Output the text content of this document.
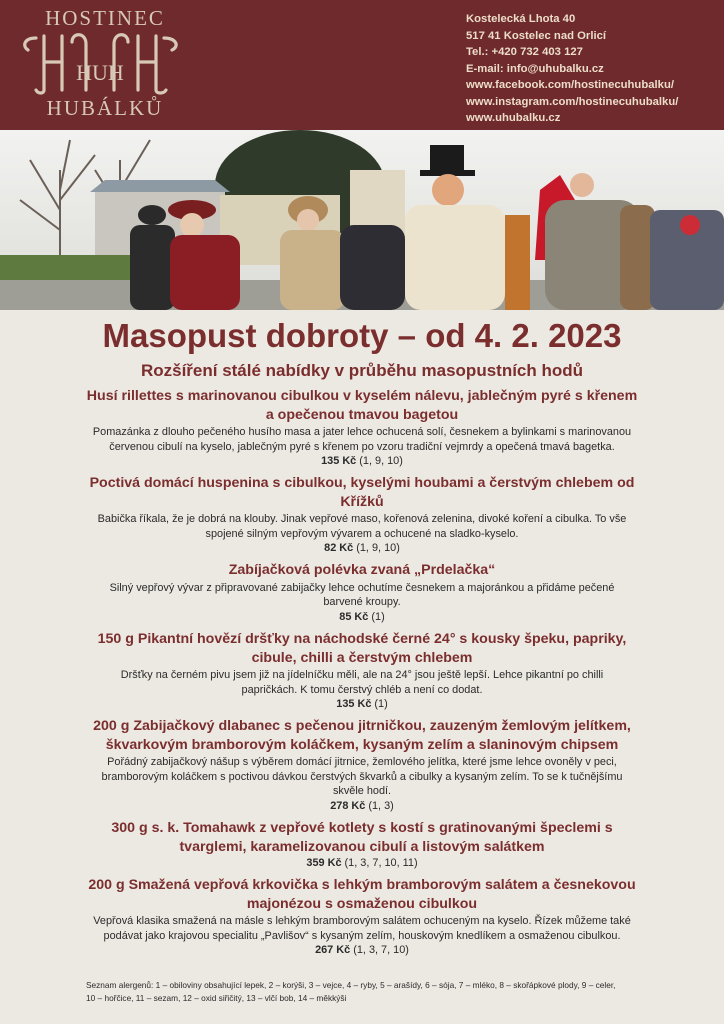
HOSTINEC
HUH
HUBÁLKŮ
Kostelecká Lhota 40
517 41 Kostelec nad Orlicí
Tel.: +420 732 403 127
E-mail: info@uhubalku.cz
www.facebook.com/hostinecuhubalku/
www.instagram.com/hostinecuhubalku/
www.uhubalku.cz
Masopust dobroty – od 4. 2. 2023
Rozšíření stálé nabídky v průběhu masopustních hodů
Husí rillettes s marinovanou cibulkou v kyselém nálevu, jablečným pyré s křenem a opečenou tmavou bagetou
Pomazánka z dlouho pečeného husího masa a jater lehce ochucená solí, česnekem a bylinkami s marinovanou červenou cibulí na kyselo, jablečným pyré s křenem po vzoru tradiční vejmrdy a opečená tmavá bagetka.
135 Kč (1, 9, 10)
Poctivá domácí huspenina s cibulkou, kyselými houbami a čerstvým chlebem od Křížků
Babička říkala, že je dobrá na klouby. Jinak vepřové maso, kořenová zelenina, divoké koření a cibulka. To vše spojené silným vepřovým vývarem a ochucené na sladko-kyselo.
82 Kč (1, 9, 10)
Zabíjačková polévka zvaná „Prdelačka“
Silný vepřový vývar z připravované zabijačky lehce ochutíme česnekem a majoránkou a přidáme pečené barvené kroupy.
85 Kč (1)
150 g Pikantní hovězí dršťky na náchodské černé 24° s kousky špeku, papriky, cibule, chilli a čerstvým chlebem
Dršťky na černém pivu jsem již na jídelníčku měli, ale na 24° jsou ještě lepší. Lehce pikantní po chilli papričkách. K tomu čerstvý chléb a není co dodat.
135 Kč (1)
200 g Zabijačkový dlabanec s pečenou jitrničkou, zauzeným žemlovým jelítkem, škvarkovým bramborovým koláčkem, kysaným zelím a slaninovým chipsem
Pořádný zabijačkový nášup s výběrem domácí jitrnice, žemlového jelítka, které jsme lehce ovoněly v peci, bramborovým koláčkem s poctivou dávkou čerstvých škvarků a cibulky a kysaným zelím. To se k tučnějšímu skvěle hodí.
278 Kč (1, 3)
300 g s. k. Tomahawk z vepřové kotlety s kostí s gratinovanými špeclemi s tvarglemi, karamelizovanou cibulí a listovým salátkem
359 Kč (1, 3, 7, 10, 11)
200 g Smažená vepřová krkovička s lehkým bramborovým salátem a česnekovou majonézou s osmaženou cibulkou
Vepřová klasika smažená na másle s lehkým bramborovým salátem ochuceným na kyselo. Řízek můžeme také podávat jako krajovou specialitu „Pavlišov“ s kysaným zelím, houskovým knedlíkem a osmaženou cibulkou.
267 Kč (1, 3, 7, 10)
Seznam alergenů: 1 – obiloviny obsahující lepek, 2 – korýši, 3 – vejce, 4 – ryby, 5 – arašídy, 6 – sója, 7 – mléko, 8 – skořápkové plody, 9 – celer, 10 – hořčice, 11 – sezam, 12 – oxid siřičitý, 13 – vlčí bob, 14 – měkkýši
